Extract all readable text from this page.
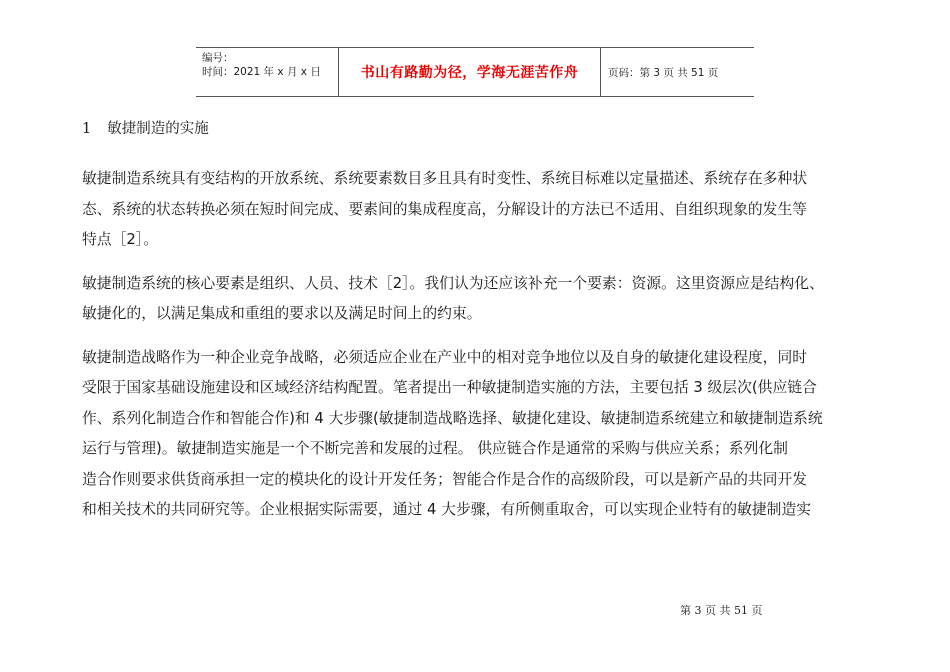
编号：
时间：2021 年 x 月 x 日	书山有路勤为径，学海无涯苦作舟	页码：第 3 页 共 51 页
1 敏捷制造的实施
敏捷制造系统具有变结构的开放系统、系统要素数目多且具有时变性、系统目标难以定量描述、系统存在多种状
态、系统的状态转换必须在短时间完成、要素间的集成程度高，分解设计的方法已不适用、自组织现象的发生等
特点［2］。
敏捷制造系统的核心要素是组织、人员、技术［2］。我们认为还应该补充一个要素：资源。这里资源应是结构化、
敏捷化的，以满足集成和重组的要求以及满足时间上的约束。
敏捷制造战略作为一种企业竞争战略，必须适应企业在产业中的相对竞争地位以及自身的敏捷化建设程度，同时
受限于国家基础设施建设和区域经济结构配置。笔者提出一种敏捷制造实施的方法，主要包括 3 级层次(供应链合
作、系列化制造合作和智能合作)和 4 大步骤(敏捷制造战略选择、敏捷化建设、敏捷制造系统建立和敏捷制造系统
运行与管理)。敏捷制造实施是一个不断完善和发展的过程。 供应链合作是通常的采购与供应关系；系列化制
造合作则要求供货商承担一定的模块化的设计开发任务；智能合作是合作的高级阶段，可以是新产品的共同开发
和相关技术的共同研究等。企业根据实际需要，通过 4 大步骤，有所侧重取舍，可以实现企业特有的敏捷制造实
第 3 页 共 51 页
